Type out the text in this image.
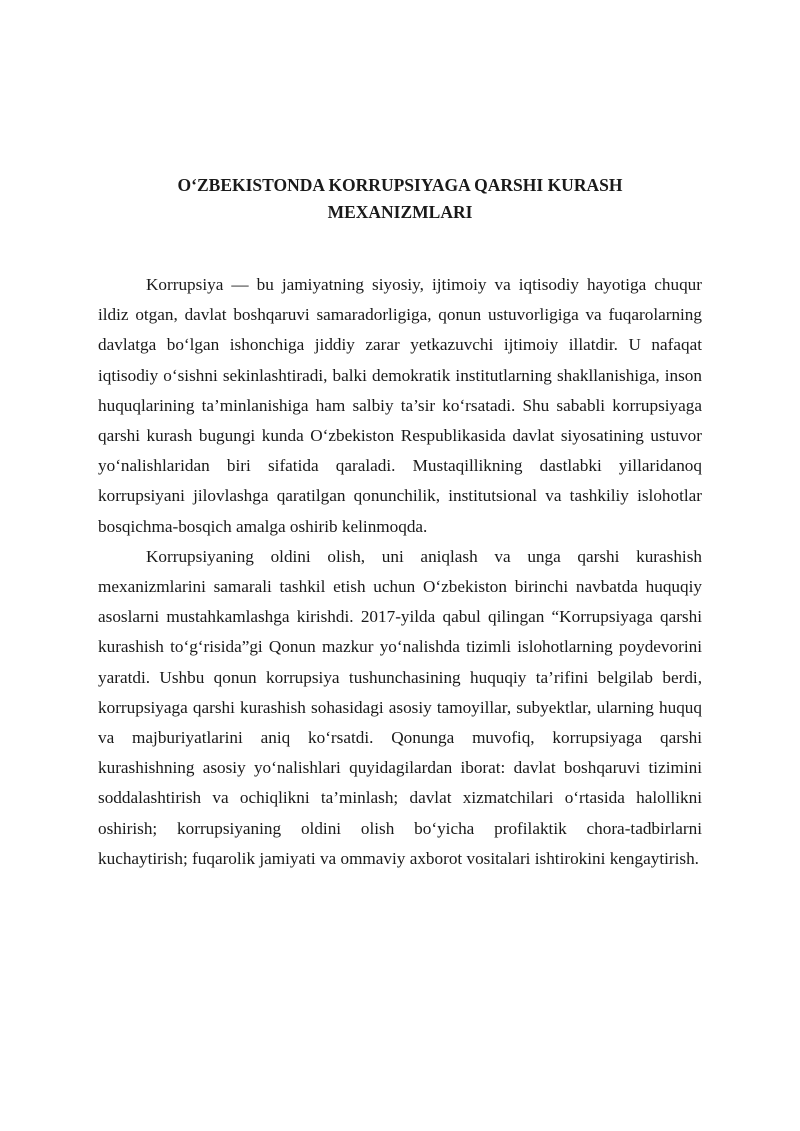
O‘ZBEKISTONDA KORRUPSIYAGA QARSHI KURASH
MEXANIZMLARI

Korrupsiya — bu jamiyatning siyosiy, ijtimoiy va iqtisodiy hayotiga chuqur ildiz otgan, davlat boshqaruvi samaradorligiga, qonun ustuvorligiga va fuqarolarning davlatga bo‘lgan ishonchiga jiddiy zarar yetkazuvchi ijtimoiy illatdir. U nafaqat iqtisodiy o‘sishni sekinlashtiradi, balki demokratik institutlarning shakllanishiga, inson huquqlarining ta’minlanishiga ham salbiy ta’sir ko‘rsatadi. Shu sababli korrupsiyaga qarshi kurash bugungi kunda O‘zbekiston Respublikasida davlat siyosatining ustuvor yo‘nalishlaridan biri sifatida qaraladi. Mustaqillikning dastlabki yillaridanoq korrupsiyani jilovlashga qaratilgan qonunchilik, institutsional va tashkiliy islohotlar bosqichma-bosqich amalga oshirib kelinmoqda.

Korrupsiyaning oldini olish, uni aniqlash va unga qarshi kurashish mexanizmlarini samarali tashkil etish uchun O‘zbekiston birinchi navbatda huquqiy asoslarni mustahkamlashga kirishdi. 2017-yilda qabul qilingan “Korrupsiyaga qarshi kurashish to‘g‘risida”gi Qonun mazkur yo‘nalishda tizimli islohotlarning poydevorini yaratdi. Ushbu qonun korrupsiya tushunchasining huquqiy ta’rifini belgilab berdi, korrupsiyaga qarshi kurashish sohasidagi asosiy tamoyillar, subyektlar, ularning huquq va majburiyatlarini aniq ko‘rsatdi. Qonunga muvofiq, korrupsiyaga qarshi kurashishning asosiy yo‘nalishlari quyidagilardan iborat: davlat boshqaruvi tizimini soddalashtirish va ochiqlikni ta’minlash; davlat xizmatchilari o‘rtasida halollikni oshirish; korrupsiyaning oldini olish bo‘yicha profilaktik chora-tadbirlarni kuchaytirish; fuqarolik jamiyati va ommaviy axborot vositalari ishtirokini kengaytirish.
